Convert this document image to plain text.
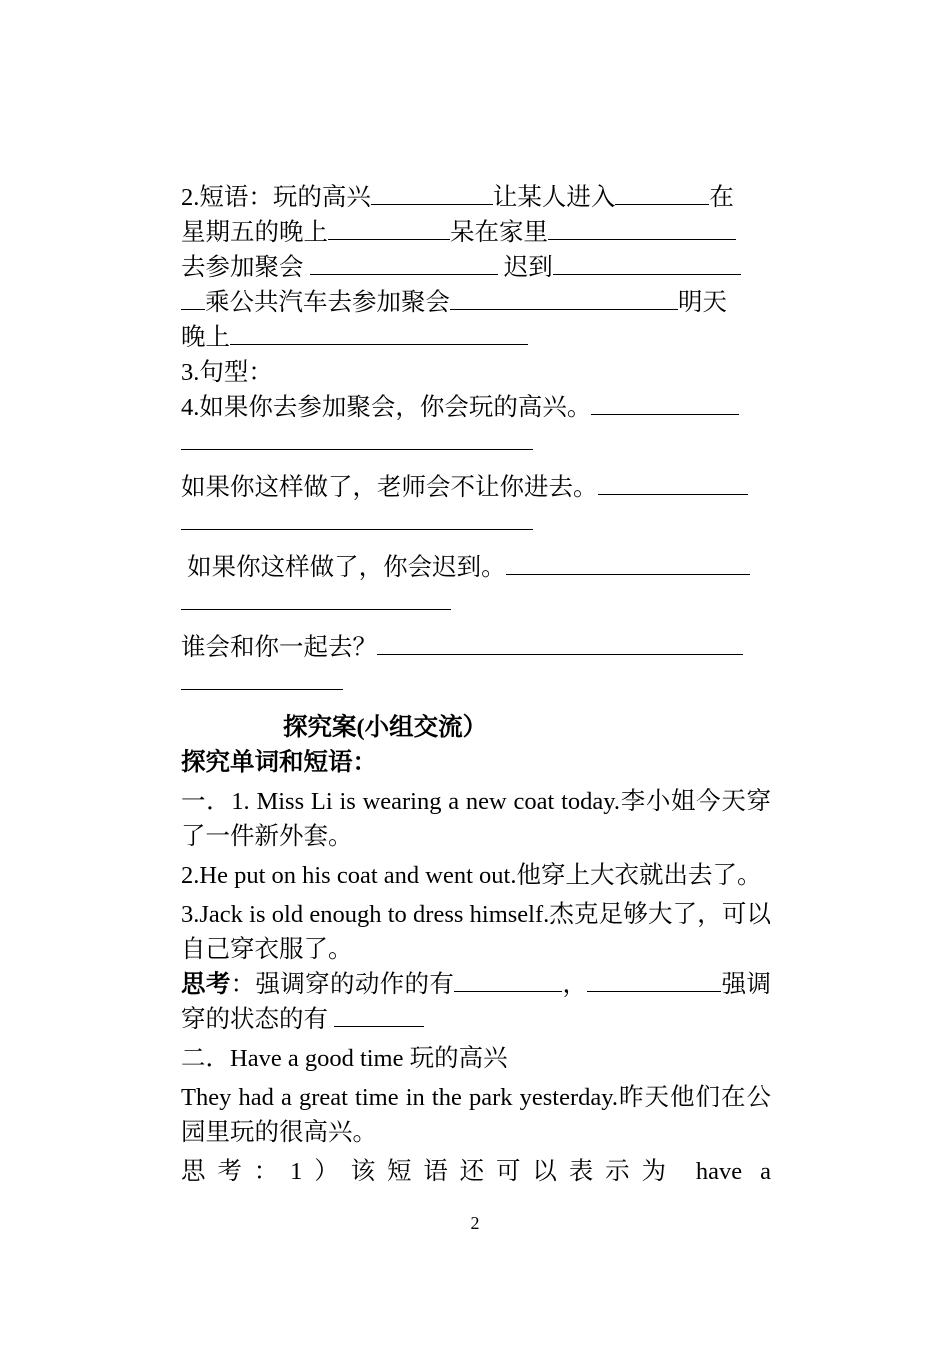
2.短语：玩的高兴	让某人进入	在

星期五的晚上	呆在家里

去参加聚会	迟到

乘公共汽车去参加聚会	明天

晚上

3.句型：

4.如果你去参加聚会，你会玩的高兴。

如果你这样做了，老师会不让你进去。

如果你这样做了，你会迟到。

谁会和你一起去？

探究案(小组交流）

探究单词和短语：

一．1. Miss Li is wearing a new coat today.李小姐今天穿了一件新外套。

2.He put on his coat and went out.他穿上大衣就出去了。

3.Jack is old enough to dress himself.杰克足够大了，可以自己穿衣服了。

思考：强调穿的动作的有	，	强调穿的状态的有

二．Have a good time 玩的高兴

They had a great time in the park yesterday.昨天他们在公园里玩的很高兴。

思考：1）该短语还可以表示为 have a

2
